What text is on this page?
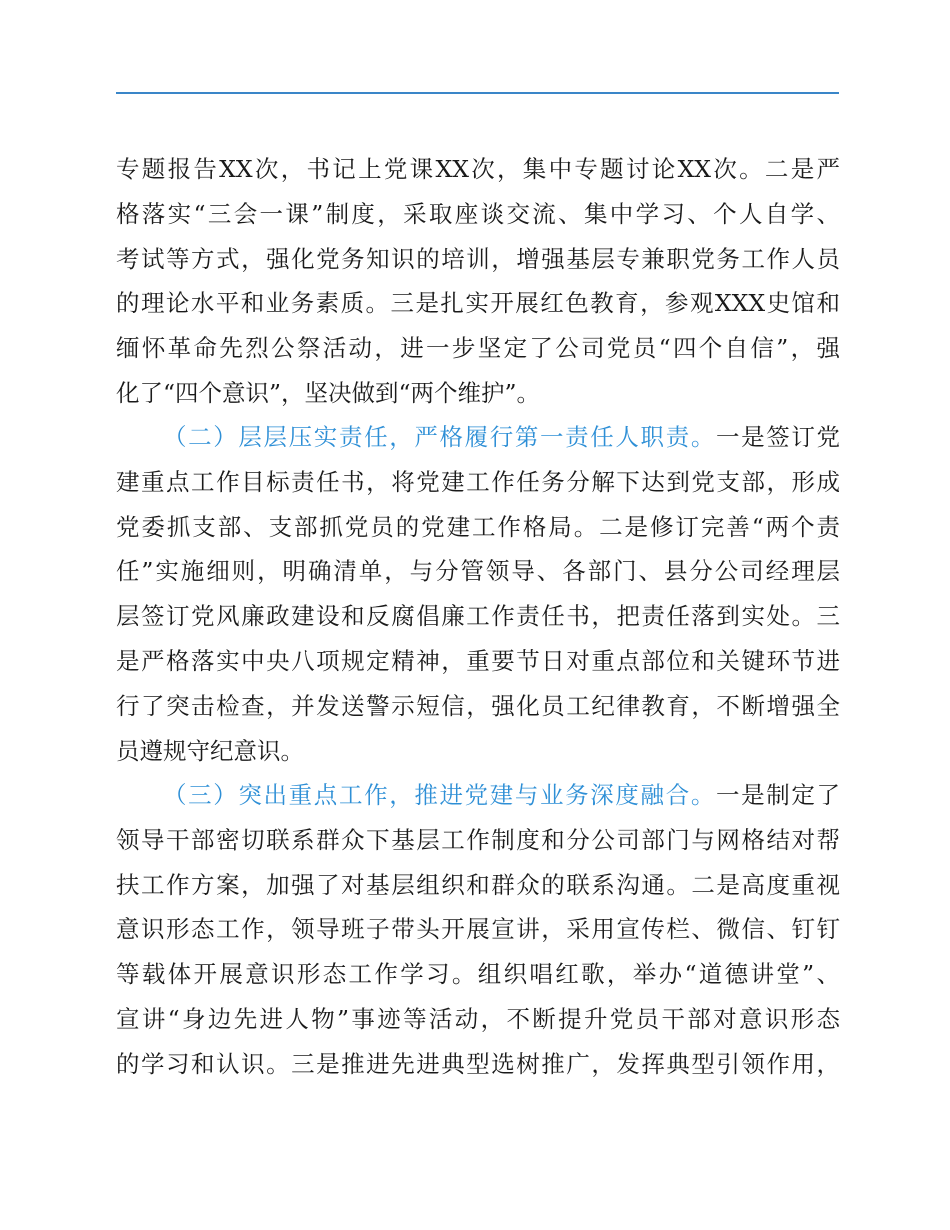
专题报告XX次，书记上党课XX次，集中专题讨论XX次。二是严
格落实“三会一课”制度，采取座谈交流、集中学习、个人自学、
考试等方式，强化党务知识的培训，增强基层专兼职党务工作人员
的理论水平和业务素质。三是扎实开展红色教育，参观XXX史馆和
缅怀革命先烈公祭活动，进一步坚定了公司党员“四个自信”，强
化了“四个意识”，坚决做到“两个维护”。
（二）层层压实责任，严格履行第一责任人职责。一是签订党
建重点工作目标责任书，将党建工作任务分解下达到党支部，形成
党委抓支部、支部抓党员的党建工作格局。二是修订完善“两个责
任”实施细则，明确清单，与分管领导、各部门、县分公司经理层
层签订党风廉政建设和反腐倡廉工作责任书，把责任落到实处。三
是严格落实中央八项规定精神，重要节日对重点部位和关键环节进
行了突击检查，并发送警示短信，强化员工纪律教育，不断增强全
员遵规守纪意识。
（三）突出重点工作，推进党建与业务深度融合。一是制定了
领导干部密切联系群众下基层工作制度和分公司部门与网格结对帮
扶工作方案，加强了对基层组织和群众的联系沟通。二是高度重视
意识形态工作，领导班子带头开展宣讲，采用宣传栏、微信、钉钉
等载体开展意识形态工作学习。组织唱红歌，举办“道德讲堂”、
宣讲“身边先进人物”事迹等活动，不断提升党员干部对意识形态
的学习和认识。三是推进先进典型选树推广，发挥典型引领作用，
